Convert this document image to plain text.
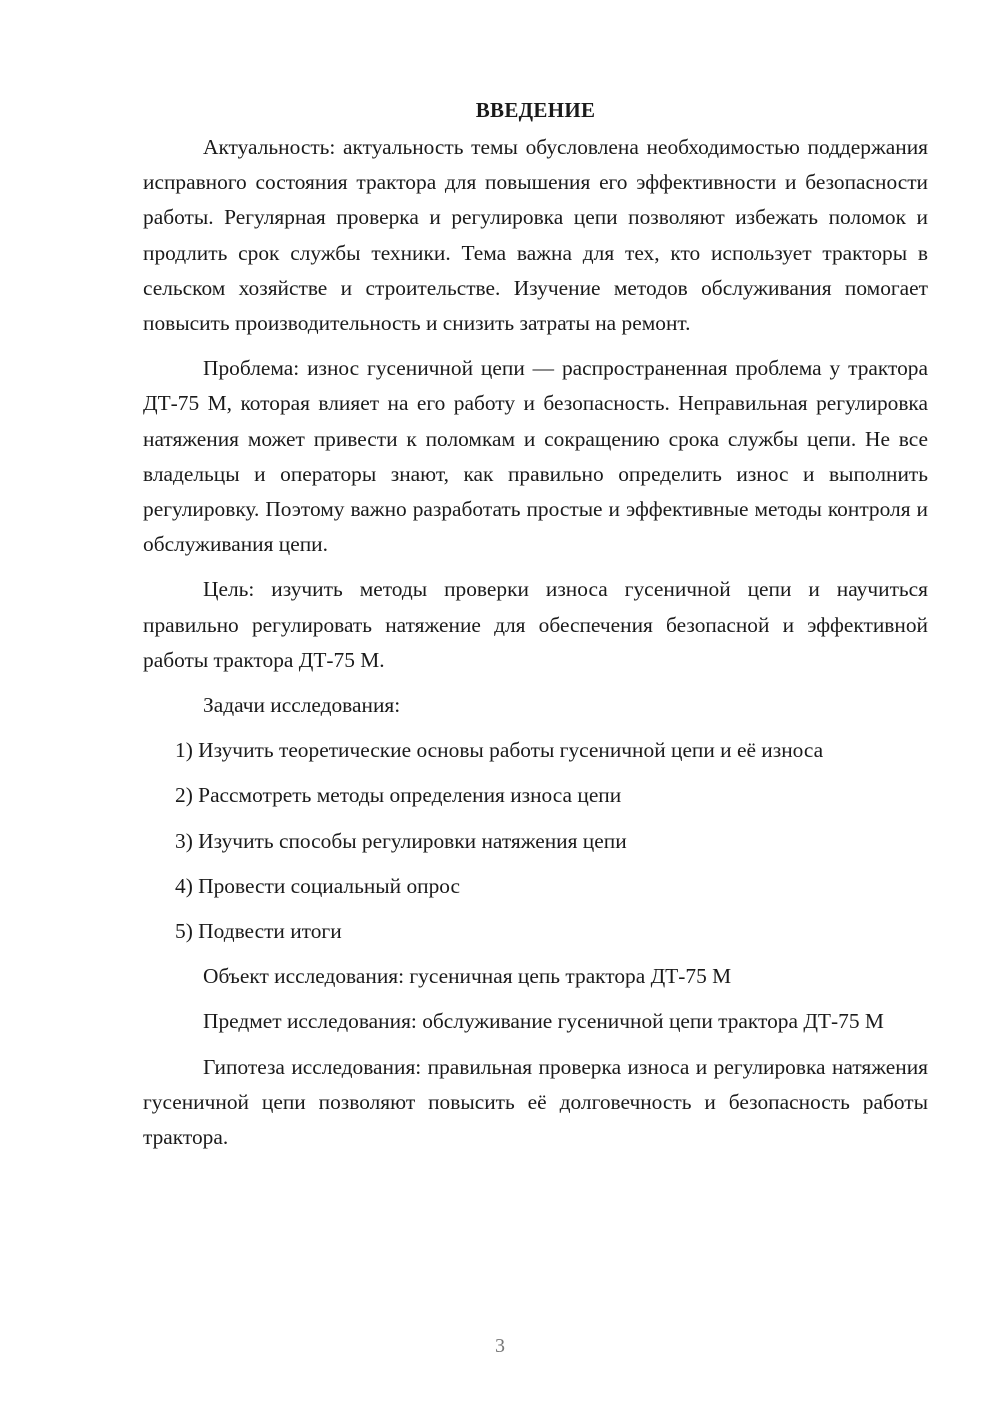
ВВЕДЕНИЕ

Актуальность: актуальность темы обусловлена необходимостью поддержания исправного состояния трактора для повышения его эффективности и безопасности работы. Регулярная проверка и регулировка цепи позволяют избежать поломок и продлить срок службы техники. Тема важна для тех, кто использует тракторы в сельском хозяйстве и строительстве. Изучение методов обслуживания помогает повысить производительность и снизить затраты на ремонт.

Проблема: износ гусеничной цепи — распространенная проблема у трактора ДТ-75 М, которая влияет на его работу и безопасность. Неправильная регулировка натяжения может привести к поломкам и сокращению срока службы цепи. Не все владельцы и операторы знают, как правильно определить износ и выполнить регулировку. Поэтому важно разработать простые и эффективные методы контроля и обслуживания цепи.

Цель: изучить методы проверки износа гусеничной цепи и научиться правильно регулировать натяжение для обеспечения безопасной и эффективной работы трактора ДТ-75 М.

Задачи исследования:

1) Изучить теоретические основы работы гусеничной цепи и её износа
2) Рассмотреть методы определения износа цепи
3) Изучить способы регулировки натяжения цепи
4) Провести социальный опрос
5) Подвести итоги

Объект исследования: гусеничная цепь трактора ДТ-75 М

Предмет исследования: обслуживание гусеничной цепи трактора ДТ-75 М

Гипотеза исследования: правильная проверка износа и регулировка натяжения гусеничной цепи позволяют повысить её долговечность и безопасность работы трактора.

3
